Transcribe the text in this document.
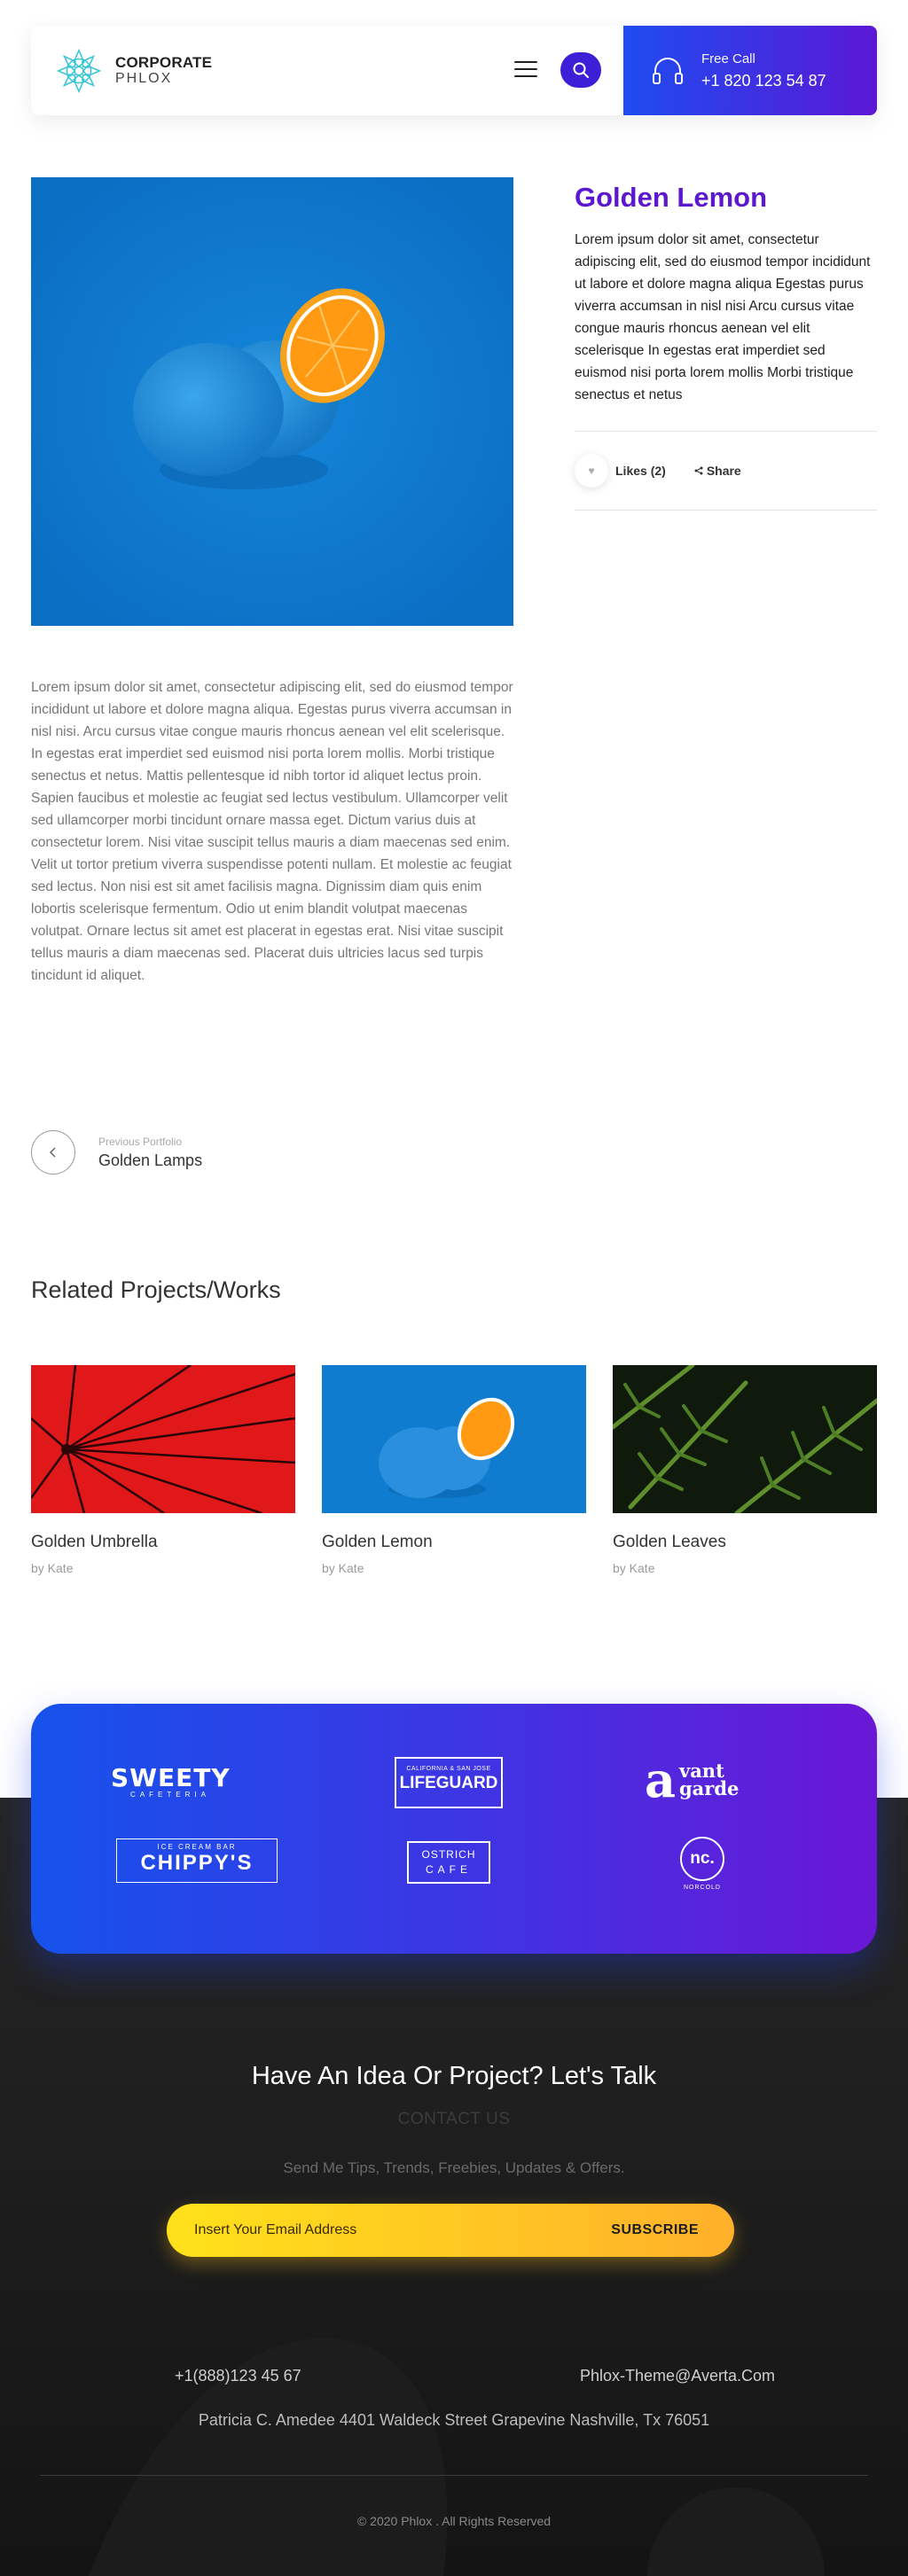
CORPORATE
PHLOX
Free Call
+1 820 123 54 87
Golden Lemon
Lorem ipsum dolor sit amet, consectetur adipiscing elit, sed do eiusmod tempor incididunt ut labore et dolore magna aliqua Egestas purus viverra accumsan in nisl nisi Arcu cursus vitae congue mauris rhoncus aenean vel elit scelerisque In egestas erat imperdiet sed euismod nisi porta lorem mollis Morbi tristique senectus et netus
♥ Likes (2)	Share
Lorem ipsum dolor sit amet, consectetur adipiscing elit, sed do eiusmod tempor incididunt ut labore et dolore magna aliqua. Egestas purus viverra accumsan in nisl nisi. Arcu cursus vitae congue mauris rhoncus aenean vel elit scelerisque. In egestas erat imperdiet sed euismod nisi porta lorem mollis. Morbi tristique senectus et netus. Mattis pellentesque id nibh tortor id aliquet lectus proin. Sapien faucibus et molestie ac feugiat sed lectus vestibulum. Ullamcorper velit sed ullamcorper morbi tincidunt ornare massa eget. Dictum varius duis at consectetur lorem. Nisi vitae suscipit tellus mauris a diam maecenas sed enim. Velit ut tortor pretium viverra suspendisse potenti nullam. Et molestie ac feugiat sed lectus. Non nisi est sit amet facilisis magna. Dignissim diam quis enim lobortis scelerisque fermentum. Odio ut enim blandit volutpat maecenas volutpat. Ornare lectus sit amet est placerat in egestas erat. Nisi vitae suscipit tellus mauris a diam maecenas sed. Placerat duis ultricies lacus sed turpis tincidunt id aliquet.
Previous Portfolio
Golden Lamps
Related Projects/Works
Golden Umbrella
by Kate
Golden Lemon
by Kate
Golden Leaves
by Kate
SWEETY
CAFETERIA
CALIFORNIA & SAN JOSE
LIFEGUARD	a vant
garde
ICE CREAM BAR
CHIPPY'S	OSTRICH
CAFE
nc.
NORCOLD
Have An Idea Or Project? Let's Talk
CONTACT US
Send Me Tips, Trends, Freebies, Updates & Offers.
Insert Your Email Address
SUBSCRIBE
+1(888)123 45 67	Phlox-Theme@Averta.Com
Patricia C. Amedee 4401 Waldeck Street Grapevine Nashville, Tx 76051
© 2020 Phlox . All Rights Reserved
